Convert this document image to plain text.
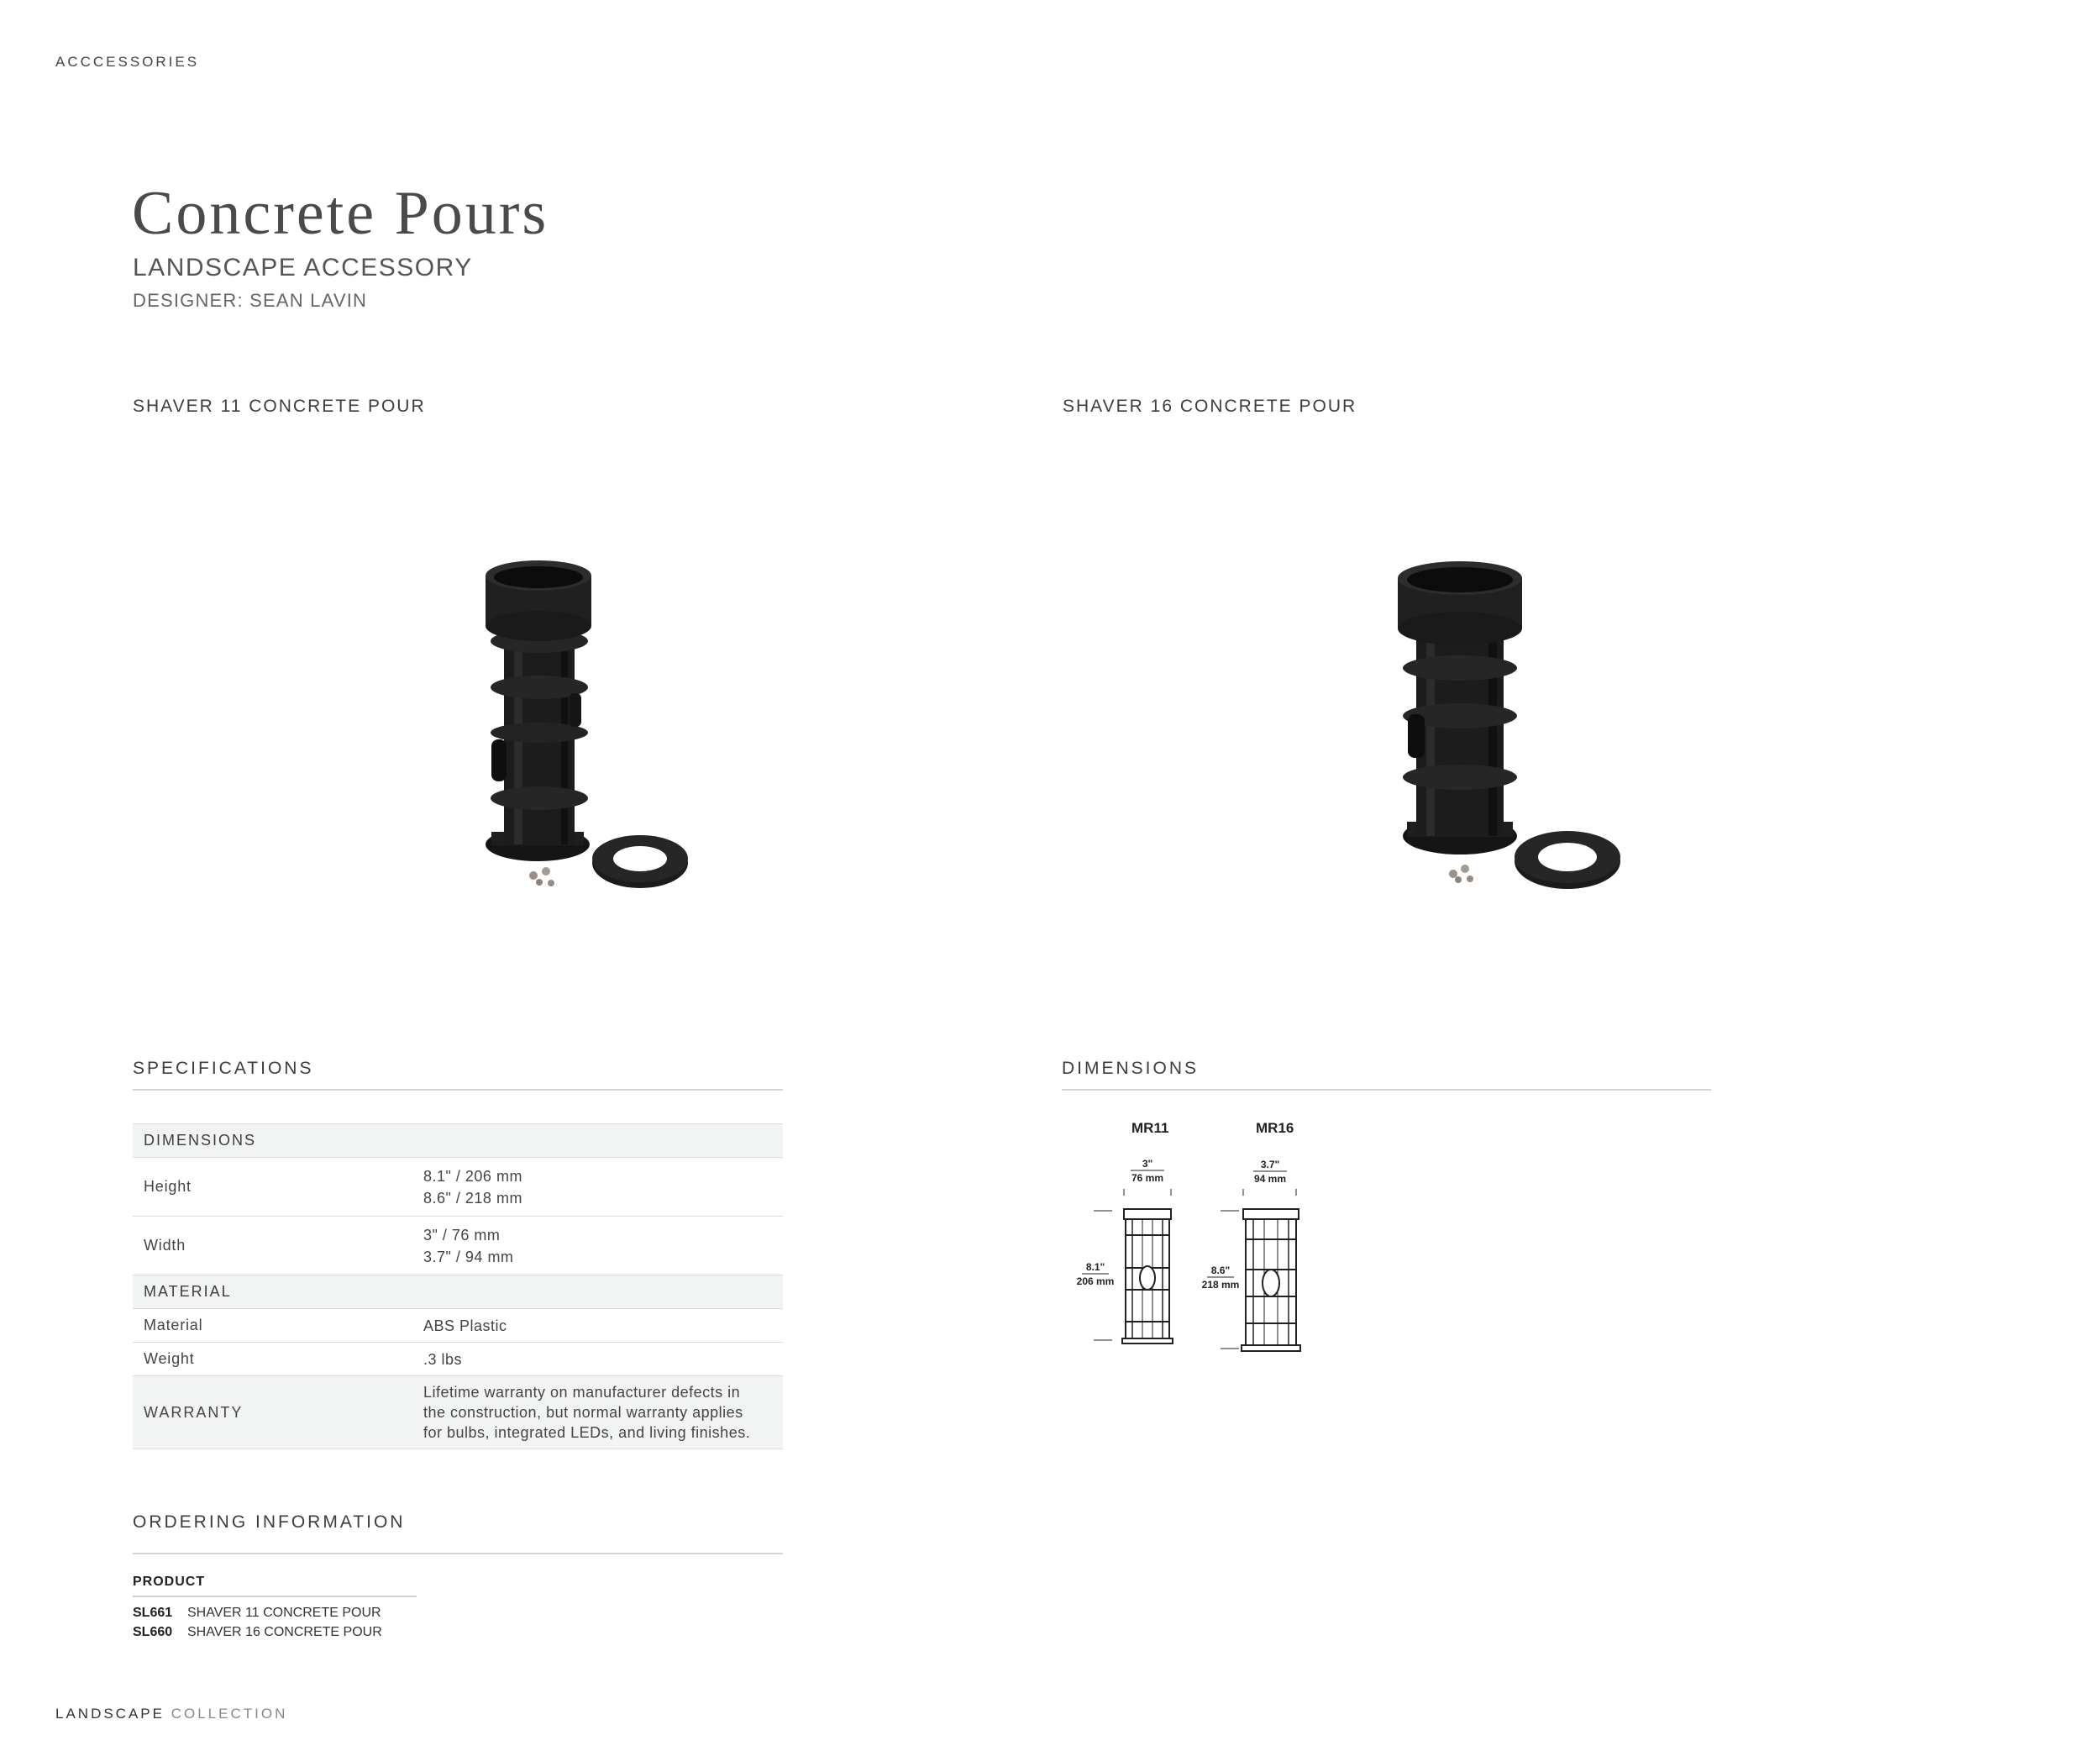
ACCCESSORIES
Concrete Pours
LANDSCAPE ACCESSORY
DESIGNER: SEAN LAVIN
SHAVER 11 CONCRETE POUR	SHAVER 16 CONCRETE POUR
SPECIFICATIONS
DIMENSIONS	
Height	8.1" / 206 mm
8.6" / 218 mm

Width	3" / 76 mm
3.7" / 94 mm

MATERIAL	
Material	ABS Plastic
Weight	.3 lbs
WARRANTY	Lifetime warranty on manufacturer defects in
the construction, but normal warranty applies
for bulbs, integrated LEDs, and living finishes.
DIMENSIONS
MR11	MR16
3"
76 mm
8.1"
206 mm
3.7"
94 mm
8.6"
218 mm
ORDERING INFORMATION
PRODUCT
SL661 SHAVER 11 CONCRETE POUR
SL660 SHAVER 16 CONCRETE POUR
LANDSCAPE COLLECTION
